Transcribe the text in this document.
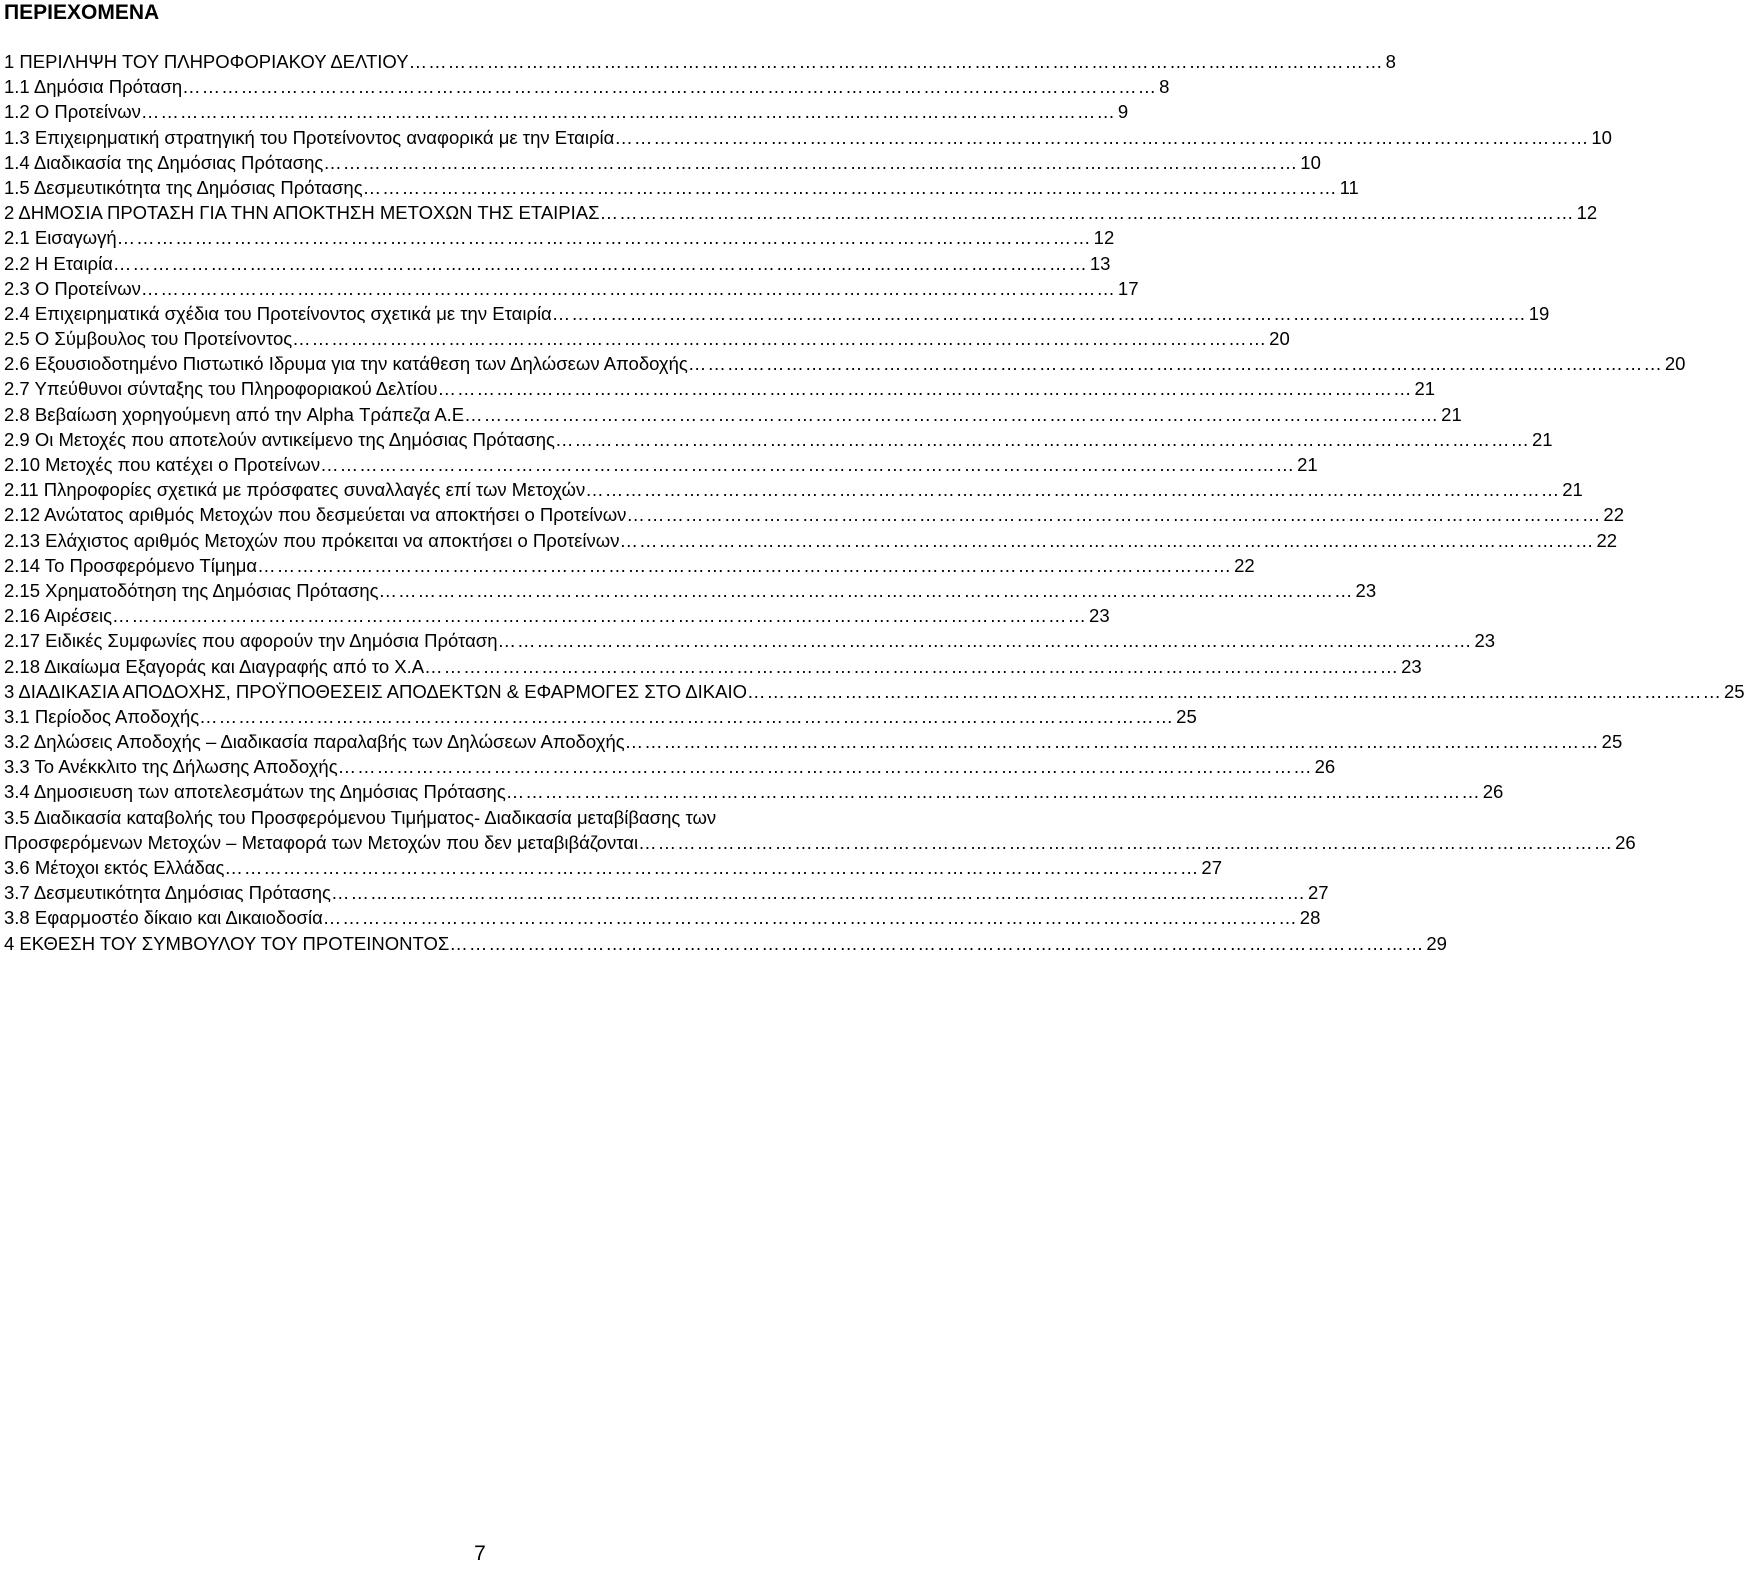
ΠΕΡΙΕΧΟΜΕΝΑ
1 ΠΕΡΙΛΗΨΗ ΤΟΥ ΠΛΗΡΟΦΟΡΙΑΚΟΥ ΔΕΛΤΙΟΥ ……………………………………………………………………………………………………………………………………	8
1.1 Δημόσια Πρόταση ……………………………………………………………………………………………………………………………………	8
1.2 Ο Προτείνων ……………………………………………………………………………………………………………………………………	9
1.3 Επιχειρηματική στρατηγική του Προτείνοντος αναφορικά με την Εταιρία ……………………………………………………………………………………………………………………………………	10
1.4 Διαδικασία της Δημόσιας Πρότασης ……………………………………………………………………………………………………………………………………	10
1.5 Δεσμευτικότητα της Δημόσιας Πρότασης ……………………………………………………………………………………………………………………………………	11
2 ΔΗΜΟΣΙΑ ΠΡΟΤΑΣΗ ΓΙΑ ΤΗΝ ΑΠΟΚΤΗΣΗ ΜΕΤΟΧΩΝ ΤΗΣ ΕΤΑΙΡΙΑΣ ……………………………………………………………………………………………………………………………………	12
2.1 Εισαγωγή ……………………………………………………………………………………………………………………………………	12
2.2 Η Εταιρία ……………………………………………………………………………………………………………………………………	13
2.3 Ο Προτείνων ……………………………………………………………………………………………………………………………………	17
2.4 Επιχειρηματικά σχέδια του Προτείνοντος σχετικά με την Εταιρία ……………………………………………………………………………………………………………………………………	19
2.5 Ο Σύμβουλος του Προτείνοντος ……………………………………………………………………………………………………………………………………	20
2.6 Εξουσιοδοτημένο Πιστωτικό Ιδρυμα για την κατάθεση των Δηλώσεων Αποδοχής ……………………………………………………………………………………………………………………………………	20
2.7 Υπεύθυνοι σύνταξης του Πληροφοριακού Δελτίου ……………………………………………………………………………………………………………………………………	21
2.8 Βεβαίωση χορηγούμενη από την Alpha Τράπεζα Α.Ε ……………………………………………………………………………………………………………………………………	21
2.9 Οι Μετοχές που αποτελούν αντικείμενο της Δημόσιας Πρότασης ……………………………………………………………………………………………………………………………………	21
2.10 Μετοχές που κατέχει ο Προτείνων ……………………………………………………………………………………………………………………………………	21
2.11 Πληροφορίες σχετικά με πρόσφατες συναλλαγές επί των Μετοχών ……………………………………………………………………………………………………………………………………	21
2.12 Ανώτατος αριθμός Μετοχών που δεσμεύεται να αποκτήσει ο Προτείνων ……………………………………………………………………………………………………………………………………	22
2.13 Ελάχιστος αριθμός Μετοχών που πρόκειται να αποκτήσει ο Προτείνων ……………………………………………………………………………………………………………………………………	22
2.14 Το Προσφερόμενο Τίμημα ……………………………………………………………………………………………………………………………………	22
2.15 Χρηματοδότηση της Δημόσιας Πρότασης ……………………………………………………………………………………………………………………………………	23
2.16 Αιρέσεις ……………………………………………………………………………………………………………………………………	23
2.17 Ειδικές Συμφωνίες που αφορούν την Δημόσια Πρόταση ……………………………………………………………………………………………………………………………………	23
2.18 Δικαίωμα Εξαγοράς και Διαγραφής από το Χ.Α ……………………………………………………………………………………………………………………………………	23
3 ΔΙΑΔΙΚΑΣΙΑ ΑΠΟΔΟΧΗΣ, ΠΡΟΫΠΟΘΕΣΕΙΣ ΑΠΟΔΕΚΤΩΝ & ΕΦΑΡΜΟΓΕΣ ΣΤΟ ΔΙΚΑΙΟ ……………………………………………………………………………………………………………………………………	25
3.1 Περίοδος Αποδοχής ……………………………………………………………………………………………………………………………………	25
3.2 Δηλώσεις Αποδοχής – Διαδικασία παραλαβής των Δηλώσεων Αποδοχής ……………………………………………………………………………………………………………………………………	25
3.3 Το Ανέκκλιτο της Δήλωσης Αποδοχής ……………………………………………………………………………………………………………………………………	26
3.4 Δημοσιευση των αποτελεσμάτων της Δημόσιας Πρότασης ……………………………………………………………………………………………………………………………………	26
3.5 Διαδικασία καταβολής του Προσφερόμενου Τιμήματος- Διαδικασία μεταβίβασης των
Προσφερόμενων Μετοχών – Μεταφορά των Μετοχών που δεν μεταβιβάζονται ……………………………………………………………………………………………………………………………………	26
3.6 Μέτοχοι εκτός Ελλάδας ……………………………………………………………………………………………………………………………………	27
3.7 Δεσμευτικότητα Δημόσιας Πρότασης ……………………………………………………………………………………………………………………………………	27
3.8 Εφαρμοστέο δίκαιο και Δικαιοδοσία ……………………………………………………………………………………………………………………………………	28
4 ΕΚΘΕΣΗ ΤΟΥ ΣΥΜΒΟΥΛΟΥ ΤΟΥ ΠΡΟΤΕΙΝΟΝΤΟΣ ……………………………………………………………………………………………………………………………………	29
7
